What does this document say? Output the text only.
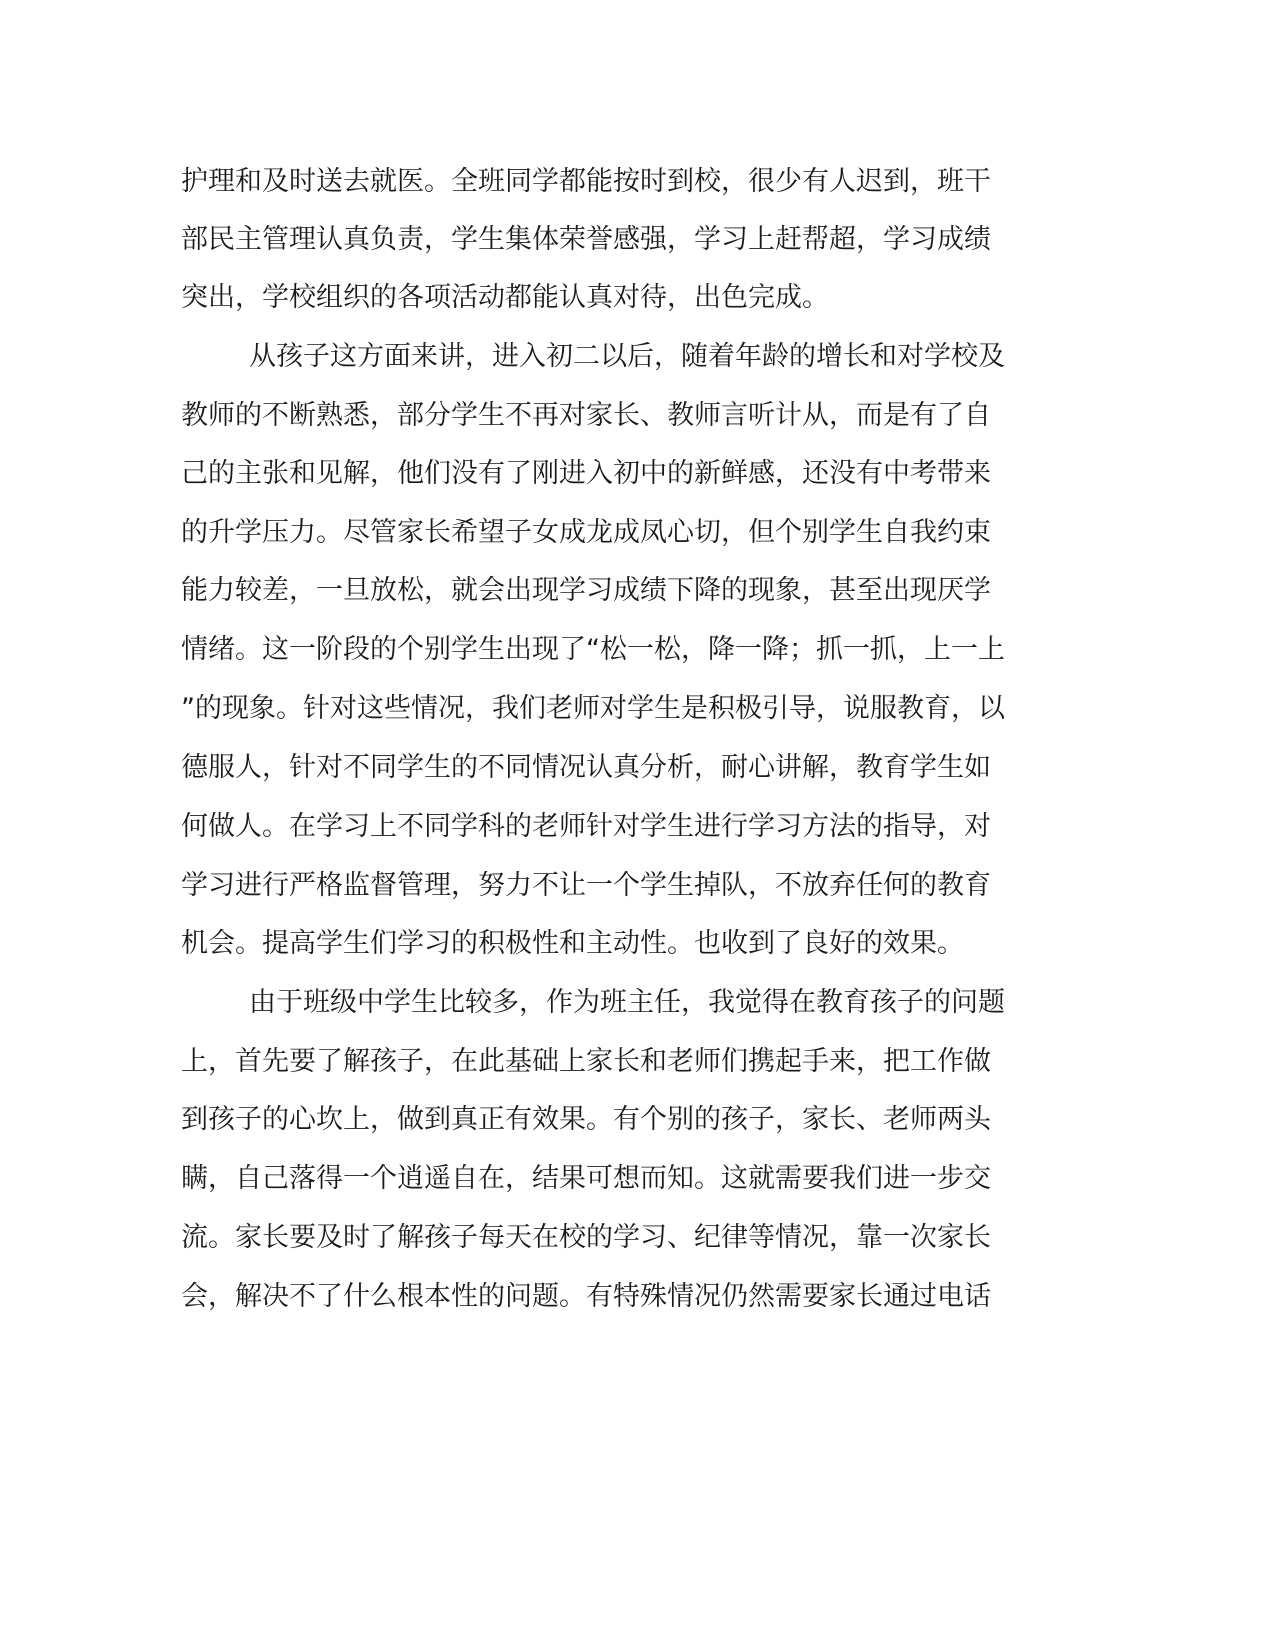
护理和及时送去就医。全班同学都能按时到校，很少有人迟到，班干
部民主管理认真负责，学生集体荣誉感强，学习上赶帮超，学习成绩
突出，学校组织的各项活动都能认真对待，出色完成。
从孩子这方面来讲，进入初二以后，随着年龄的增长和对学校及
教师的不断熟悉，部分学生不再对家长、教师言听计从，而是有了自
己的主张和见解，他们没有了刚进入初中的新鲜感，还没有中考带来
的升学压力。尽管家长希望子女成龙成凤心切，但个别学生自我约束
能力较差，一旦放松，就会出现学习成绩下降的现象，甚至出现厌学
情绪。这一阶段的个别学生出现了“松一松，降一降；抓一抓，上一上
”的现象。针对这些情况，我们老师对学生是积极引导，说服教育，以
德服人，针对不同学生的不同情况认真分析，耐心讲解，教育学生如
何做人。在学习上不同学科的老师针对学生进行学习方法的指导，对
学习进行严格监督管理，努力不让一个学生掉队，不放弃任何的教育
机会。提高学生们学习的积极性和主动性。也收到了良好的效果。
由于班级中学生比较多，作为班主任，我觉得在教育孩子的问题
上，首先要了解孩子，在此基础上家长和老师们携起手来，把工作做
到孩子的心坎上，做到真正有效果。有个别的孩子，家长、老师两头
瞒，自己落得一个逍遥自在，结果可想而知。这就需要我们进一步交
流。家长要及时了解孩子每天在校的学习、纪律等情况，靠一次家长
会，解决不了什么根本性的问题。有特殊情况仍然需要家长通过电话
